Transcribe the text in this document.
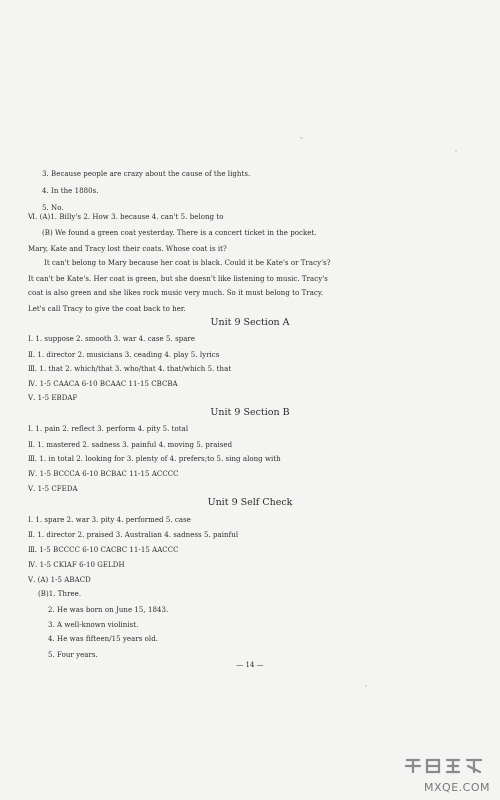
3. Because people are crazy about the cause of the lights.
4. In the 1880s.
5. No.
Ⅵ. (A)1. Billy's 2. How 3. because 4. can't 5. belong to
(B) We found a green coat yesterday. There is a concert ticket in the pocket.
Mary, Kate and Tracy lost their coats. Whose coat is it?
It can't belong to Mary because her coat is black. Could it be Kate's or Tracy's?
It can't be Kate's. Her coat is green, but she doesn't like listening to music. Tracy's
coat is also green and she likes rock music very much. So it must belong to Tracy.
Let's call Tracy to give the coat back to her.
Unit 9 Section A
Ⅰ. 1. suppose 2. smooth 3. war 4. case 5. spare
Ⅱ. 1. director 2. musicians 3. ceading 4. play 5. lyrics
Ⅲ. 1. that 2. which/that 3. who/that 4. that/which 5. that
Ⅳ. 1-5 CAACA 6-10 BCAAC 11-15 CBCBA
Ⅴ. 1-5 EBDAF
Unit 9 Section B
Ⅰ. 1. pain 2. reflect 3. perform 4. pity 5. total
Ⅱ. 1. mastered 2. sadness 3. painful 4. moving 5. praised
Ⅲ. 1. in total 2. looking for 3. plenty of 4. prefers;to 5. sing along with
Ⅳ. 1-5 BCCCA 6-10 BCBAC 11-15 ACCCC
Ⅴ. 1-5 CFEDA
Unit 9 Self Check
Ⅰ. 1. spare 2. war 3. pity 4. performed 5. case
Ⅱ. 1. director 2. praised 3. Australian 4. sadness 5. painful
Ⅲ. 1-5 BCCCC 6-10 CACBC 11-15 AACCC
Ⅳ. 1-5 CKIAF 6-10 GELDH
Ⅴ. (A) 1-5 ABACD
(B)1. Three.
2. He was born on June 15, 1843.
3. A well-known violinist.
4. He was fifteen/15 years old.
5. Four years.
— 14 —
MXQE.COM
